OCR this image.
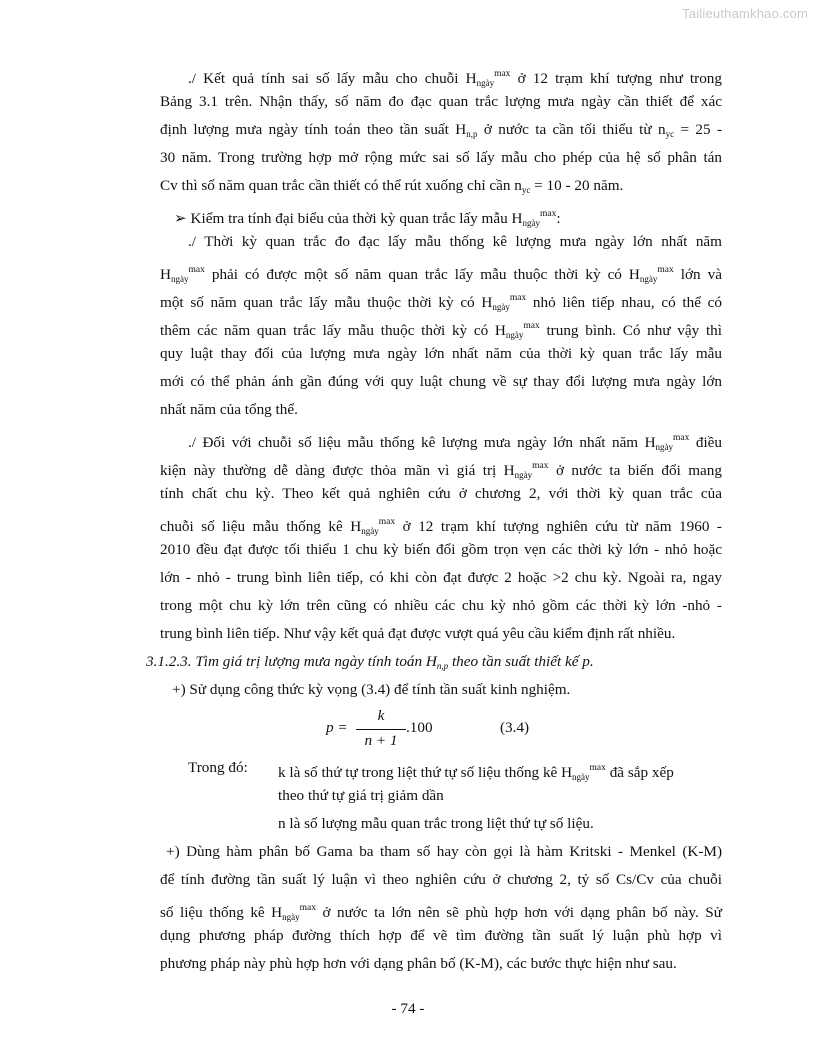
Tailieuthamkhao.com
./ Kết quả tính sai số lấy mẫu cho chuỗi $H_{ngày}^{max}$ ở 12 trạm khí tượng như trong
Bảng 3.1 trên. Nhận thấy, số năm đo đạc quan trắc lượng mưa ngày cần thiết để xác
định lượng mưa ngày tính toán theo tần suất $H_{n,p}$ ở nước ta cần tối thiểu từ $n_{yc} = 25$ -
30 năm. Trong trường hợp mở rộng mức sai số lấy mẫu cho phép của hệ số phân tán
Cv thì số năm quan trắc cần thiết có thể rút xuống chỉ cần $n_{yc} = 10 - 20$ năm.
➢ Kiểm tra tính đại biểu của thời kỳ quan trắc lấy mẫu $H_{ngày}^{max}$:
./ Thời kỳ quan trắc đo đạc lấy mẫu thống kê lượng mưa ngày lớn nhất năm
$H_{ngày}^{max}$ phải có được một số năm quan trắc lấy mẫu thuộc thời kỳ có $H_{ngày}^{max}$ lớn và
một số năm quan trắc lấy mẫu thuộc thời kỳ có $H_{ngày}^{max}$ nhỏ liên tiếp nhau, có thể có
thêm các năm quan trắc lấy mẫu thuộc thời kỳ có $H_{ngày}^{max}$ trung bình. Có như vậy thì
quy luật thay đổi của lượng mưa ngày lớn nhất năm của thời kỳ quan trắc lấy mẫu
mới có thể phản ánh gần đúng với quy luật chung về sự thay đổi lượng mưa ngày lớn
nhất năm của tổng thể.
./ Đối với chuỗi số liệu mẫu thống kê lượng mưa ngày lớn nhất năm $H_{ngày}^{max}$ điều
kiện này thường dễ dàng được thỏa mãn vì giá trị $H_{ngày}^{max}$ ở nước ta biến đổi mang
tính chất chu kỳ. Theo kết quả nghiên cứu ở chương 2, với thời kỳ quan trắc của
chuỗi số liệu mẫu thống kê $H_{ngày}^{max}$ ở 12 trạm khí tượng nghiên cứu từ năm 1960 -
2010 đều đạt được tối thiểu 1 chu kỳ biến đổi gồm trọn vẹn các thời kỳ lớn - nhỏ hoặc
lớn - nhỏ - trung bình liên tiếp, có khi còn đạt được 2 hoặc >2 chu kỳ. Ngoài ra, ngay
trong một chu kỳ lớn trên cũng có nhiều các chu kỳ nhỏ gồm các thời kỳ lớn -nhỏ -
trung bình liên tiếp. Như vậy kết quả đạt được vượt quá yêu cầu kiểm định rất nhiều.
3.1.2.3. Tìm giá trị lượng mưa ngày tính toán $H_{n,p}$ theo tần suất thiết kế p.
+) Sử dụng công thức kỳ vọng (3.4) để tính tần suất kinh nghiệm.
p =
k
n + 1
.100	(3.4)
Trong đó:	k là số thứ tự trong liệt thứ tự số liệu thống kê $H_{ngày}^{max}$ đã sắp xếp
theo thứ tự giá trị giảm dần
n là số lượng mẫu quan trắc trong liệt thứ tự số liệu.
+) Dùng hàm phân bố Gama ba tham số hay còn gọi là hàm Kritski - Menkel (K-M)
để tính đường tần suất lý luận vì theo nghiên cứu ở chương 2, tỷ số Cs/Cv của chuỗi
số liệu thống kê $H_{ngày}^{max}$ ở nước ta lớn nên sẽ phù hợp hơn với dạng phân bố này. Sử
dụng phương pháp đường thích hợp để vẽ tìm đường tần suất lý luận phù hợp vì
phương pháp này phù hợp hơn với dạng phân bố (K-M), các bước thực hiện như sau.
- 74 -
